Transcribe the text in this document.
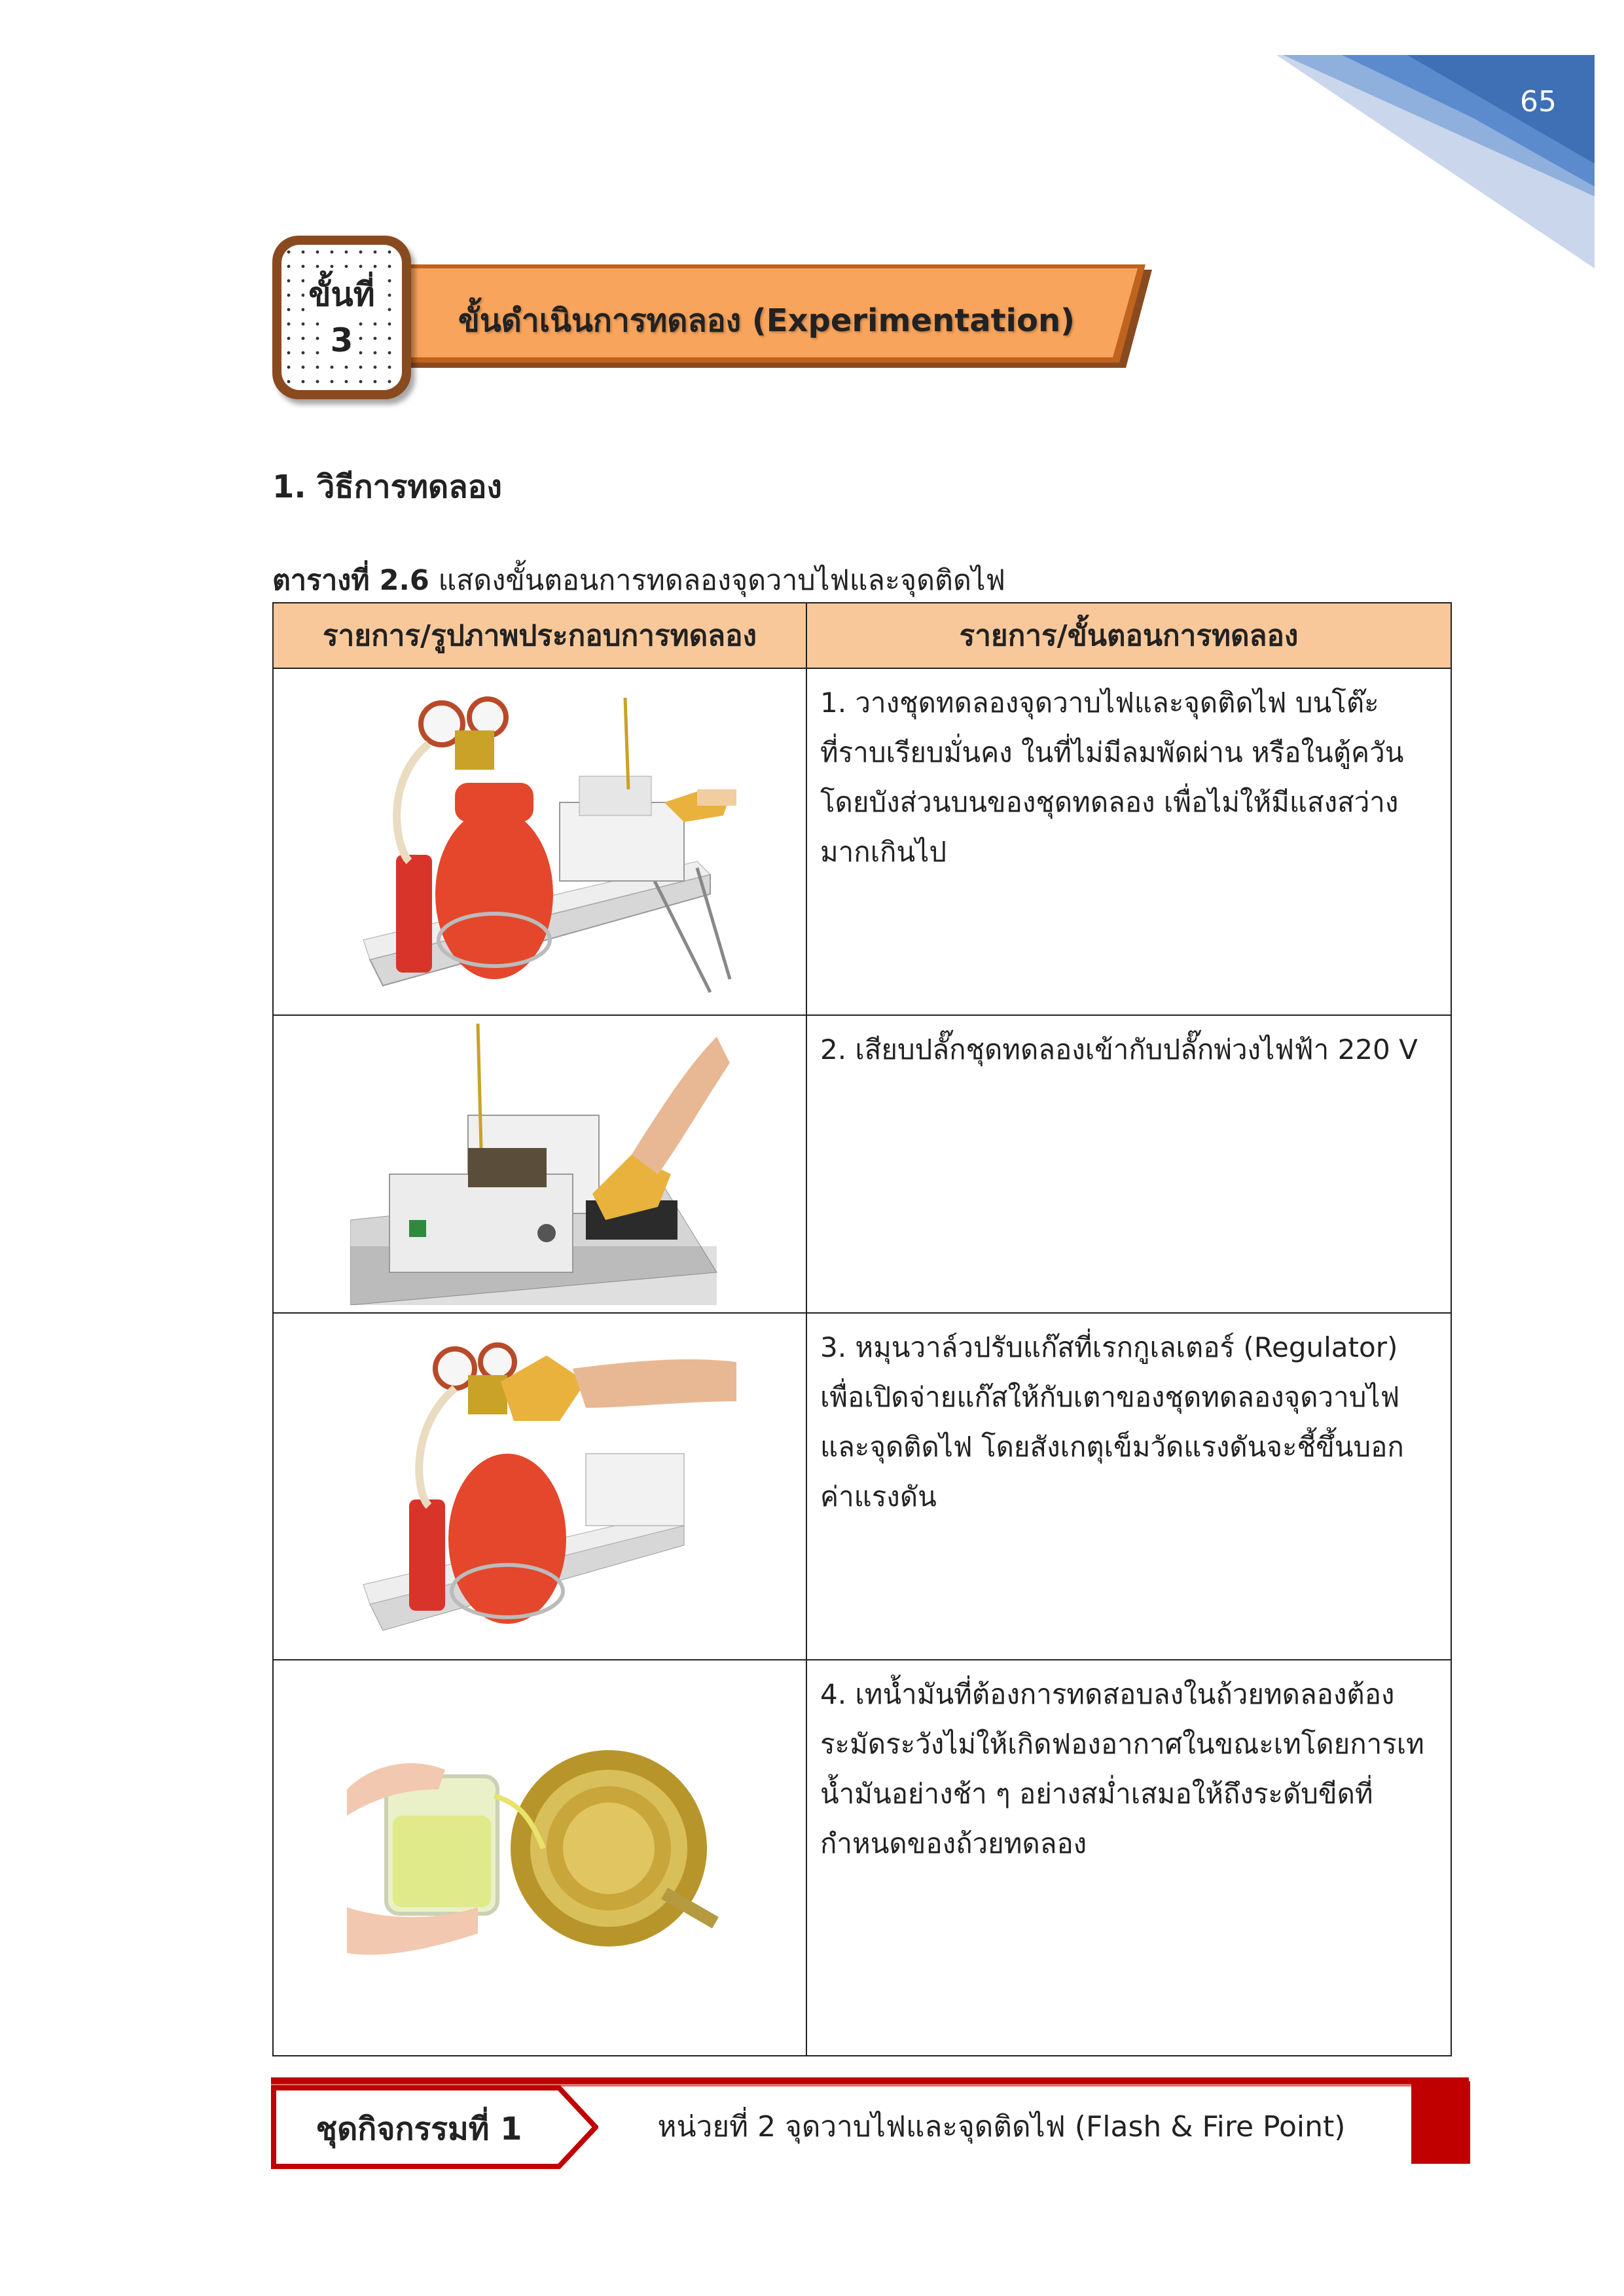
65
ขั้นดำเนินการทดลอง (Experimentation)
ขั้นที่
3
1. วิธีการทดลอง
ตารางที่ 2.6 แสดงขั้นตอนการทดลองจุดวาบไฟและจุดติดไฟ
รายการ/รูปภาพประกอบการทดลอง	รายการ/ขั้นตอนการทดลอง

	1. วางชุดทดลองจุดวาบไฟและจุดติดไฟ บนโต๊ะที่ราบเรียบมั่นคง ในที่ไม่มีลมพัดผ่าน หรือในตู้ควันโดยบังส่วนบนของชุดทดลอง เพื่อไม่ให้มีแสงสว่างมากเกินไป

	2. เสียบปลั๊กชุดทดลองเข้ากับปลั๊กพ่วงไฟฟ้า 220 V

	3. หมุนวาล์วปรับแก๊สที่เรกกูเลเตอร์ (Regulator) เพื่อเปิดจ่ายแก๊สให้กับเตาของชุดทดลองจุดวาบไฟและจุดติดไฟ โดยสังเกตุเข็มวัดแรงดันจะชี้ขึ้นบอกค่าแรงดัน

	4. เทน้ำมันที่ต้องการทดสอบลงในถ้วยทดลองต้องระมัดระวังไม่ให้เกิดฟองอากาศในขณะเทโดยการเทน้ำมันอย่างช้า ๆ อย่างสม่ำเสมอให้ถึงระดับขีดที่กำหนดของถ้วยทดลอง
ชุดกิจกรรมที่ 1	หน่วยที่ 2 จุดวาบไฟและจุดติดไฟ (Flash & Fire Point)
